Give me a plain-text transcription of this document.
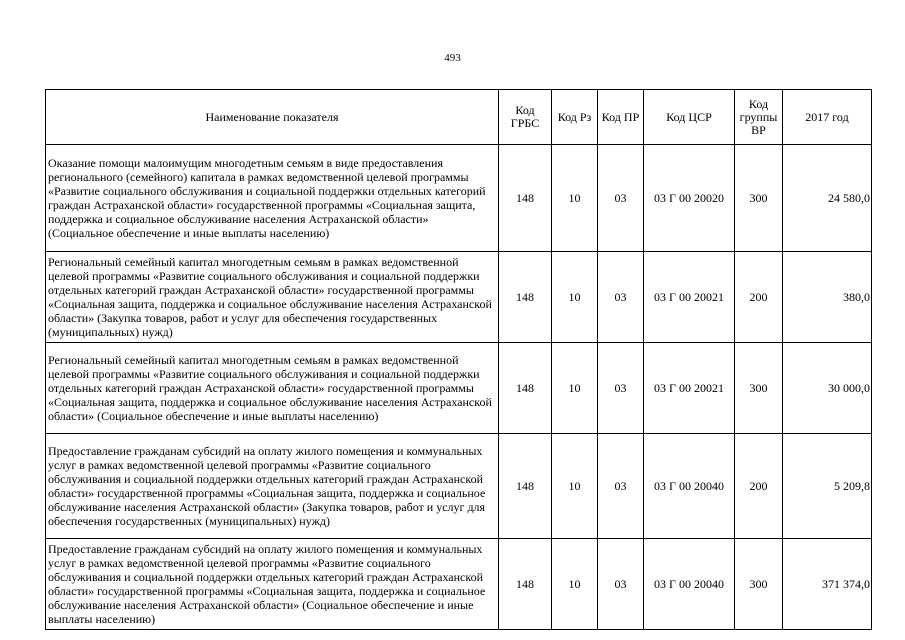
493
Наименование показателя	Код ГРБС	Код Рз	Код ПР	Код ЦСР	Код группы ВР	2017 год
Оказание помощи малоимущим многодетным семьям в виде предоставления регионального (семейного) капитала в рамках ведомственной целевой программы «Развитие социального обслуживания и социальной поддержки отдельных категорий граждан Астраханской области» государственной программы «Социальная защита, поддержка и социальное обслуживание населения Астраханской области» (Социальное обеспечение и иные выплаты населению)	148	10	03	03 Г 00 20020	300	24 580,0
Региональный семейный капитал многодетным семьям в рамках ведомственной целевой программы «Развитие социального обслуживания и социальной поддержки отдельных категорий граждан Астраханской области» государственной программы «Социальная защита, поддержка и социальное обслуживание населения Астраханской области» (Закупка товаров, работ и услуг для обеспечения государственных (муниципальных) нужд)	148	10	03	03 Г 00 20021	200	380,0
Региональный семейный капитал многодетным семьям в рамках ведомственной целевой программы «Развитие социального обслуживания и социальной поддержки отдельных категорий граждан Астраханской области» государственной программы «Социальная защита, поддержка и социальное обслуживание населения Астраханской области» (Социальное обеспечение и иные выплаты населению)	148	10	03	03 Г 00 20021	300	30 000,0
Предоставление гражданам субсидий на оплату жилого помещения и коммунальных услуг в рамках ведомственной целевой программы «Развитие социального обслуживания и социальной поддержки отдельных категорий граждан Астраханской области» государственной программы «Социальная защита, поддержка и социальное обслуживание населения Астраханской области» (Закупка товаров, работ и услуг для обеспечения государственных (муниципальных) нужд)	148	10	03	03 Г 00 20040	200	5 209,8
Предоставление гражданам субсидий на оплату жилого помещения и коммунальных услуг в рамках ведомственной целевой программы «Развитие социального обслуживания и социальной поддержки отдельных категорий граждан Астраханской области» государственной программы «Социальная защита, поддержка и социальное обслуживание населения Астраханской области» (Социальное обеспечение и иные выплаты населению)	148	10	03	03 Г 00 20040	300	371 374,0
